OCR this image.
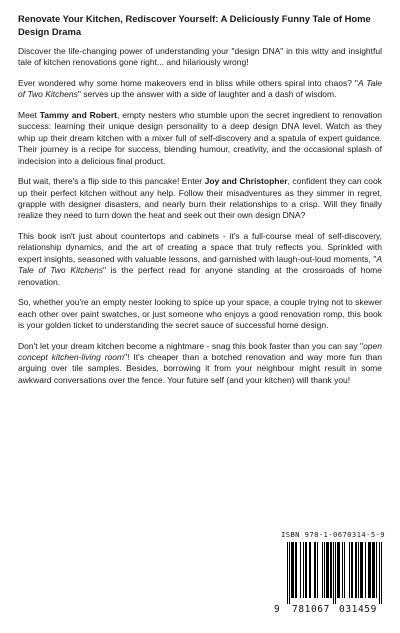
Renovate Your Kitchen, Rediscover Yourself: A Deliciously Funny Tale of Home Design Drama

Discover the life-changing power of understanding your "design DNA" in this witty and insightful tale of kitchen renovations gone right... and hilariously wrong!

Ever wondered why some home makeovers end in bliss while others spiral into chaos? "A Tale of Two Kitchens" serves up the answer with a side of laughter and a dash of wisdom.

Meet Tammy and Robert, empty nesters who stumble upon the secret ingredient to renovation success: learning their unique design personality to a deep design DNA level. Watch as they whip up their dream kitchen with a mixer full of self-discovery and a spatula of expert guidance. Their journey is a recipe for success, blending humour, creativity, and the occasional splash of indecision into a delicious final product.

But wait, there's a flip side to this pancake! Enter Joy and Christopher, confident they can cook up their perfect kitchen without any help. Follow their misadventures as they simmer in regret, grapple with designer disasters, and nearly burn their relationships to a crisp. Will they finally realize they need to turn down the heat and seek out their own design DNA?

This book isn't just about countertops and cabinets - it's a full-course meal of self-discovery, relationship dynamics, and the art of creating a space that truly reflects you. Sprinkled with expert insights, seasoned with valuable lessons, and garnished with laugh-out-loud moments, "A Tale of Two Kitchens" is the perfect read for anyone standing at the crossroads of home renovation.

So, whether you're an empty nester looking to spice up your space, a couple trying not to skewer each other over paint swatches, or just someone who enjoys a good renovation romp, this book is your golden ticket to understanding the secret sauce of successful home design.

Don't let your dream kitchen become a nightmare - snag this book faster than you can say "open concept kitchen-living room"! It's cheaper than a botched renovation and way more fun than arguing over tile samples. Besides, borrowing it from your neighbour might result in some awkward conversations over the fence. Your future self (and your kitchen) will thank you!

ISBN 978-1-0670314-5-9
9 781067 031459
